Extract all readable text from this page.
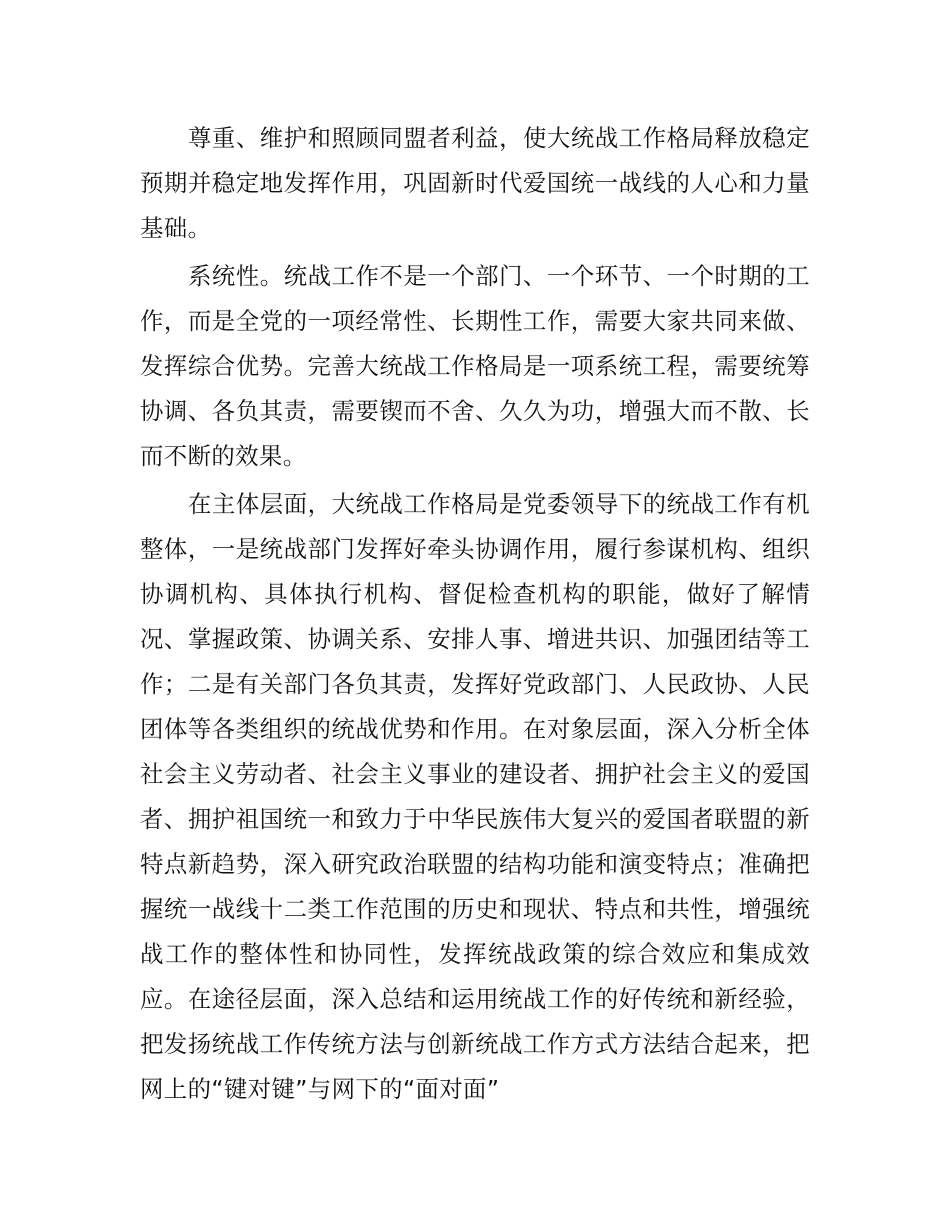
尊重、维护和照顾同盟者利益，使大统战工作格局释放稳定预期并稳定地发挥作用，巩固新时代爱国统一战线的人心和力量基础。

系统性。统战工作不是一个部门、一个环节、一个时期的工作，而是全党的一项经常性、长期性工作，需要大家共同来做、发挥综合优势。完善大统战工作格局是一项系统工程，需要统筹协调、各负其责，需要锲而不舍、久久为功，增强大而不散、长而不断的效果。

在主体层面，大统战工作格局是党委领导下的统战工作有机整体，一是统战部门发挥好牵头协调作用，履行参谋机构、组织协调机构、具体执行机构、督促检查机构的职能，做好了解情况、掌握政策、协调关系、安排人事、增进共识、加强团结等工作；二是有关部门各负其责，发挥好党政部门、人民政协、人民团体等各类组织的统战优势和作用。在对象层面，深入分析全体社会主义劳动者、社会主义事业的建设者、拥护社会主义的爱国者、拥护祖国统一和致力于中华民族伟大复兴的爱国者联盟的新特点新趋势，深入研究政治联盟的结构功能和演变特点；准确把握统一战线十二类工作范围的历史和现状、特点和共性，增强统战工作的整体性和协同性，发挥统战政策的综合效应和集成效应。在途径层面，深入总结和运用统战工作的好传统和新经验，把发扬统战工作传统方法与创新统战工作方式方法结合起来，把网上的“键对键”与网下的“面对面”
